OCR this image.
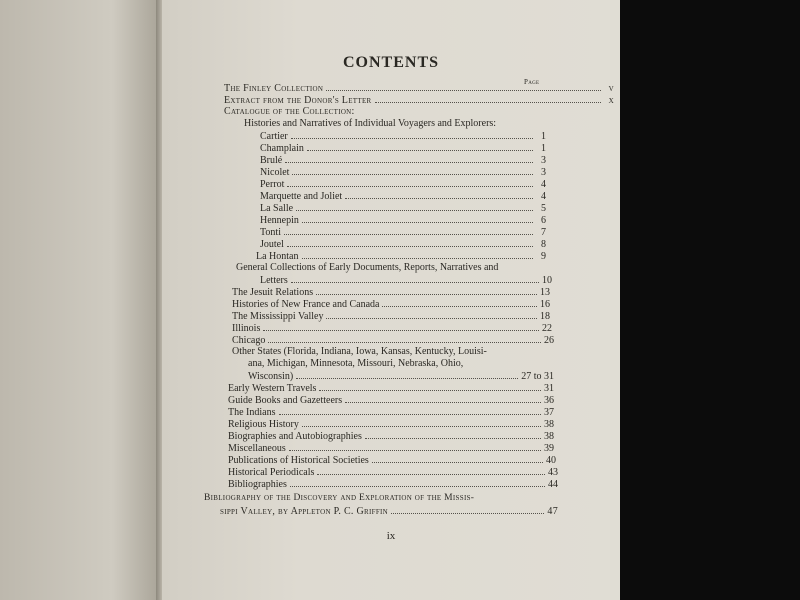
CONTENTS
Page
The Finley Collection	v
Extract from the Donor's Letter	x
Catalogue of the Collection:
Histories and Narratives of Individual Voyagers and Explorers:
Cartier	1
Champlain	1
Brulé	3
Nicolet	3
Perrot	4
Marquette and Joliet	4
La Salle	5
Hennepin	6
Tonti	7
Joutel	8
La Hontan	9
General Collections of Early Documents, Reports, Narratives and
Letters	10
The Jesuit Relations	13
Histories of New France and Canada	16
The Mississippi Valley	18
Illinois	22
Chicago	26
Other States (Florida, Indiana, Iowa, Kansas, Kentucky, Louisi-
ana, Michigan, Minnesota, Missouri, Nebraska, Ohio,
Wisconsin)	27 to 31
Early Western Travels	31
Guide Books and Gazetteers	36
The Indians	37
Religious History	38
Biographies and Autobiographies	38
Miscellaneous	39
Publications of Historical Societies	40
Historical Periodicals	43
Bibliographies	44
Bibliography of the Discovery and Exploration of the Missis-
sippi Valley, by Appleton P. C. Griffin	47
ix
